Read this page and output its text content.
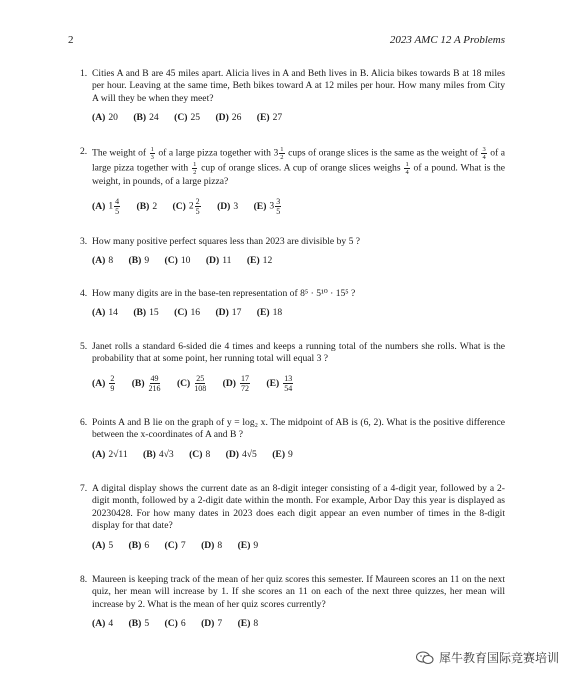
2	2023 AMC 12 A Problems
1. Cities A and B are 45 miles apart. Alicia lives in A and Beth lives in B. Alicia bikes towards B at 18 miles per hour. Leaving at the same time, Beth bikes toward A at 12 miles per hour. How many miles from City A will they be when they meet?
(A) 20 (B) 24 (C) 25 (D) 26 (E) 27
2. The weight of $\frac{1}{3}$ of a large pizza together with $3 \frac{1}{2}$ cups of orange slices is the same as the weight of $\frac{3}{4}$ of a large pizza together with $\frac{1}{2}$ cup of orange slices. A cup of orange slices weighs $\frac{1}{4}$ of a pound. What is the weight, in pounds, of a large pizza?
(A) $1 \frac{4}{5} (B)$ 2 (C) $2 \frac{2}{5} (D)$ 3 (E) $3 \frac{3}{5}$
3. How many positive perfect squares less than 2023 are divisible by 5 ?
(A) 8 (B) 9 (C) 10 (D) 11 (E) 12
4. How many digits are in the base-ten representation of 8⁵ · 5¹⁰ · 15⁵ ?
(A) 14 (B) 15 (C) 16 (D) 17 (E) 18
5. Janet rolls a standard 6-sided die 4 times and keeps a running total of the numbers she rolls. What is the probability that at some point, her running total will equal 3 ?
$(A) \frac{2}{9} (B) \frac{49}{216} (C) \frac{25}{108} (D) \frac{17}{72} (E) \frac{13}{54}$
6. Points A and B lie on the graph of y = log₂ x. The midpoint of AB is (6, 2). What is the positive difference between the x-coordinates of A and B ?
(A) 2√11 (B) 4√3 (C) 8 (D) 4√5 (E) 9
7. A digital display shows the current date as an 8-digit integer consisting of a 4-digit year, followed by a 2-digit month, followed by a 2-digit date within the month. For example, Arbor Day this year is displayed as 20230428. For how many dates in 2023 does each digit appear an even number of times in the 8-digit display for that date?
(A) 5 (B) 6 (C) 7 (D) 8 (E) 9
8. Maureen is keeping track of the mean of her quiz scores this semester. If Maureen scores an 11 on the next quiz, her mean will increase by 1. If she scores an 11 on each of the next three quizzes, her mean will increase by 2. What is the mean of her quiz scores currently?
(A) 4 (B) 5 (C) 6 (D) 7 (E) 8
犀牛教育国际竞赛培训
